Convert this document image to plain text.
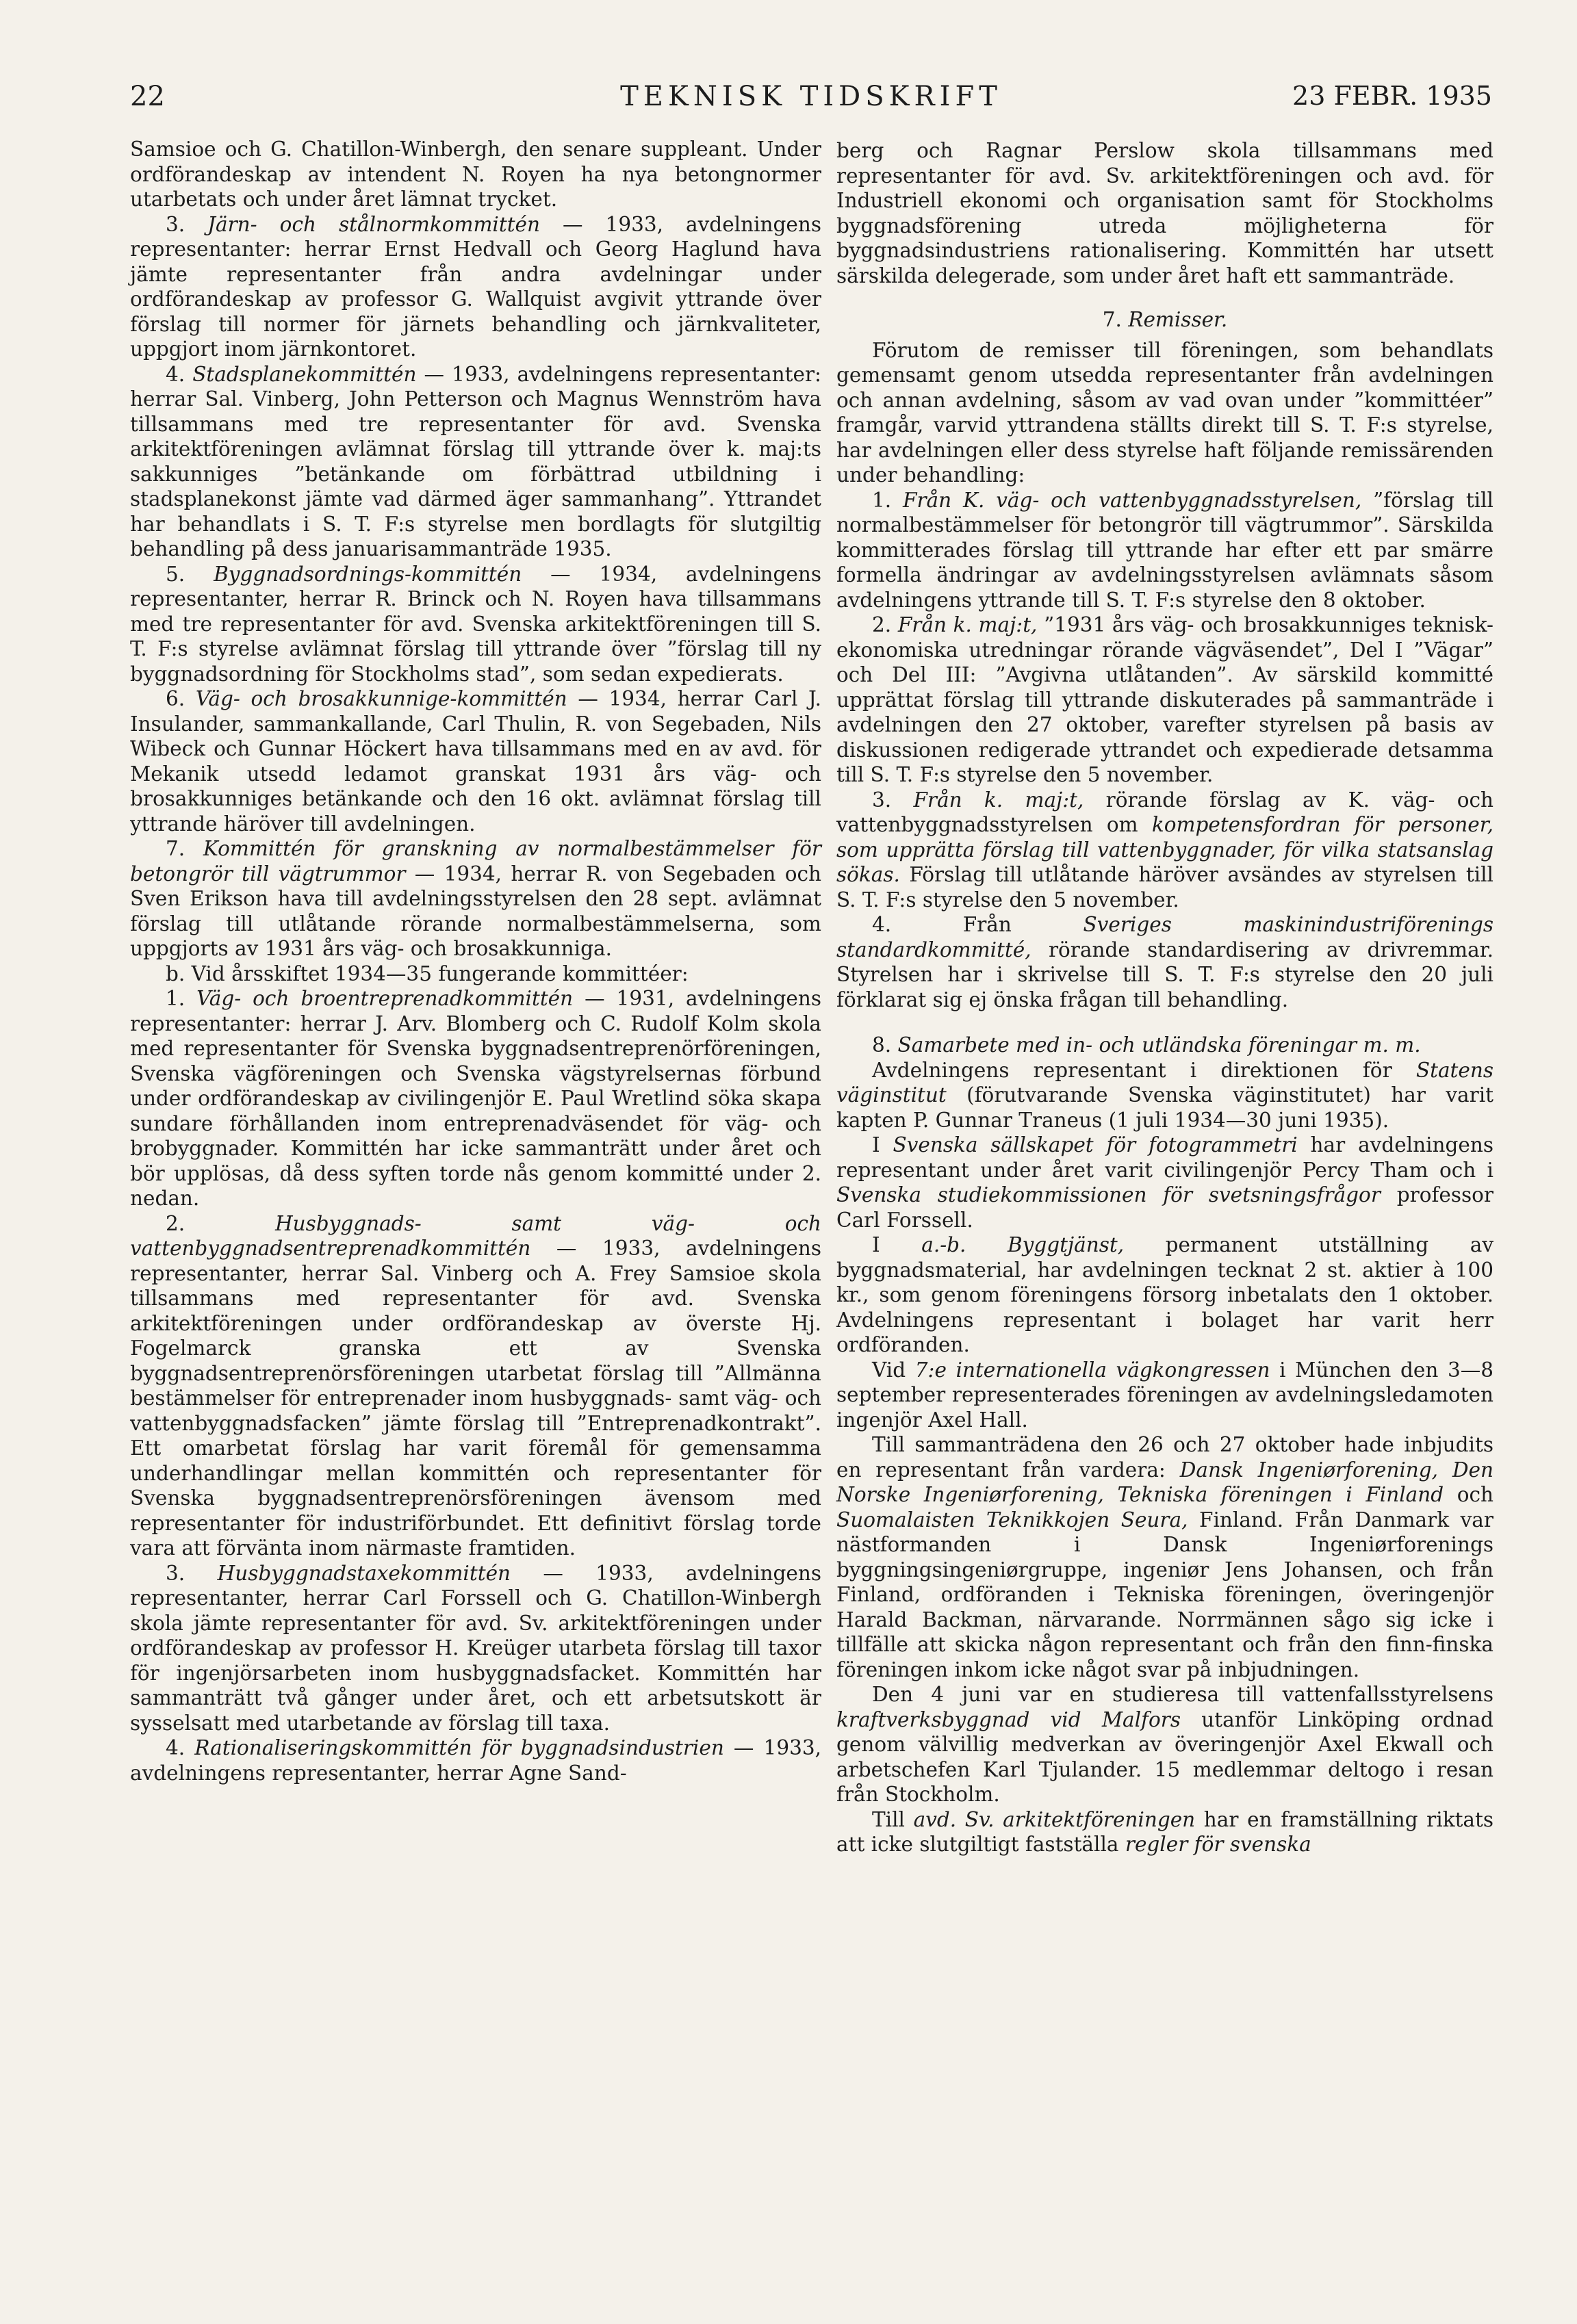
22	TEKNISK TIDSKRIFT	23 FEBR. 1935

Samsioe och G. Chatillon-Winbergh, den senare suppleant. Under ordförandeskap av intendent N. Royen ha nya betongnormer utarbetats och under året lämnat trycket.

3. Järn- och stålnormkommittén — 1933, avdelningens representanter: herrar Ernst Hedvall och Georg Haglund hava jämte representanter från andra avdelningar under ordförandeskap av professor G. Wallquist avgivit yttrande över förslag till normer för järnets behandling och järnkvaliteter, uppgjort inom järnkontoret.

4. Stadsplanekommittén — 1933, avdelningens representanter: herrar Sal. Vinberg, John Petterson och Magnus Wennström hava tillsammans med tre representanter för avd. Svenska arkitektföreningen avlämnat förslag till yttrande över k. maj:ts sakkunniges ”betänkande om förbättrad utbildning i stadsplanekonst jämte vad därmed äger sammanhang”. Yttrandet har behandlats i S. T. F:s styrelse men bordlagts för slutgiltig behandling på dess januarisammanträde 1935.

5. Byggnadsordnings-kommittén — 1934, avdelningens representanter, herrar R. Brinck och N. Royen hava tillsammans med tre representanter för avd. Svenska arkitektföreningen till S. T. F:s styrelse avlämnat förslag till yttrande över ”förslag till ny byggnadsordning för Stockholms stad”, som sedan expedierats.

6. Väg- och brosakkunnige-kommittén — 1934, herrar Carl J. Insulander, sammankallande, Carl Thulin, R. von Segebaden, Nils Wibeck och Gunnar Höckert hava tillsammans med en av avd. för Mekanik utsedd ledamot granskat 1931 års väg- och brosakkunniges betänkande och den 16 okt. avlämnat förslag till yttrande häröver till avdelningen.

7. Kommittén för granskning av normalbestämmelser för betongrör till vägtrummor — 1934, herrar R. von Segebaden och Sven Erikson hava till avdelningsstyrelsen den 28 sept. avlämnat förslag till utlåtande rörande normalbestämmelserna, som uppgjorts av 1931 års väg- och brosakkunniga.

b. Vid årsskiftet 1934—35 fungerande kommittéer:

1. Väg- och broentreprenadkommittén — 1931, avdelningens representanter: herrar J. Arv. Blomberg och C. Rudolf Kolm skola med representanter för Svenska byggnadsentreprenörföreningen, Svenska vägföreningen och Svenska vägstyrelsernas förbund under ordförandeskap av civilingenjör E. Paul Wretlind söka skapa sundare förhållanden inom entreprenadväsendet för väg- och brobyggnader. Kommittén har icke sammanträtt under året och bör upplösas, då dess syften torde nås genom kommitté under 2. nedan.

2. Husbyggnads- samt väg- och vattenbyggnadsentreprenadkommittén — 1933, avdelningens representanter, herrar Sal. Vinberg och A. Frey Samsioe skola tillsammans med representanter för avd. Svenska arkitektföreningen under ordförandeskap av överste Hj. Fogelmarck granska ett av Svenska byggnadsentreprenörsföreningen utarbetat förslag till ”Allmänna bestämmelser för entreprenader inom husbyggnads- samt väg- och vattenbyggnadsfacken” jämte förslag till ”Entreprenadkontrakt”. Ett omarbetat förslag har varit föremål för gemensamma underhandlingar mellan kommittén och representanter för Svenska byggnadsentreprenörsföreningen ävensom med representanter för industriförbundet. Ett definitivt förslag torde vara att förvänta inom närmaste framtiden.

3. Husbyggnadstaxekommittén — 1933, avdelningens representanter, herrar Carl Forssell och G. Chatillon-Winbergh skola jämte representanter för avd. Sv. arkitektföreningen under ordförandeskap av professor H. Kreüger utarbeta förslag till taxor för ingenjörsarbeten inom husbyggnadsfacket. Kommittén har sammanträtt två gånger under året, och ett arbetsutskott är sysselsatt med utarbetande av förslag till taxa.

4. Rationaliseringskommittén för byggnadsindustrien — 1933, avdelningens representanter, herrar Agne Sand-

berg och Ragnar Perslow skola tillsammans med representanter för avd. Sv. arkitektföreningen och avd. för Industriell ekonomi och organisation samt för Stockholms byggnadsförening utreda möjligheterna för byggnadsindustriens rationalisering. Kommittén har utsett särskilda delegerade, som under året haft ett sammanträde.

7. Remisser.

Förutom de remisser till föreningen, som behandlats gemensamt genom utsedda representanter från avdelningen och annan avdelning, såsom av vad ovan under ”kommittéer” framgår, varvid yttrandena ställts direkt till S. T. F:s styrelse, har avdelningen eller dess styrelse haft följande remissärenden under behandling:

1. Från K. väg- och vattenbyggnadsstyrelsen, ”förslag till normalbestämmelser för betongrör till vägtrummor”. Särskilda kommitterades förslag till yttrande har efter ett par smärre formella ändringar av avdelningsstyrelsen avlämnats såsom avdelningens yttrande till S. T. F:s styrelse den 8 oktober.

2. Från k. maj:t, ”1931 års väg- och brosakkunniges teknisk-ekonomiska utredningar rörande vägväsendet”, Del I ”Vägar” och Del III: ”Avgivna utlåtanden”. Av särskild kommitté upprättat förslag till yttrande diskuterades på sammanträde i avdelningen den 27 oktober, varefter styrelsen på basis av diskussionen redigerade yttrandet och expedierade detsamma till S. T. F:s styrelse den 5 november.

3. Från k. maj:t, rörande förslag av K. väg- och vattenbyggnadsstyrelsen om kompetensfordran för personer, som upprätta förslag till vattenbyggnader, för vilka statsanslag sökas. Förslag till utlåtande häröver avsändes av styrelsen till S. T. F:s styrelse den 5 november.

4. Från Sveriges maskinindustriförenings standardkommitté, rörande standardisering av drivremmar. Styrelsen har i skrivelse till S. T. F:s styrelse den 20 juli förklarat sig ej önska frågan till behandling.

8. Samarbete med in- och utländska föreningar m. m.

Avdelningens representant i direktionen för Statens väginstitut (förutvarande Svenska väginstitutet) har varit kapten P. Gunnar Traneus (1 juli 1934—30 juni 1935).

I Svenska sällskapet för fotogrammetri har avdelningens representant under året varit civilingenjör Percy Tham och i Svenska studiekommissionen för svetsningsfrågor professor Carl Forssell.

I a.-b. Byggtjänst, permanent utställning av byggnadsmaterial, har avdelningen tecknat 2 st. aktier à 100 kr., som genom föreningens försorg inbetalats den 1 oktober. Avdelningens representant i bolaget har varit herr ordföranden.

Vid 7:e internationella vägkongressen i München den 3—8 september representerades föreningen av avdelningsledamoten ingenjör Axel Hall.

Till sammanträdena den 26 och 27 oktober hade inbjudits en representant från vardera: Dansk Ingeniørforening, Den Norske Ingeniørforening, Tekniska föreningen i Finland och Suomalaisten Teknikkojen Seura, Finland. Från Danmark var nästformanden i Dansk Ingeniørforenings byggningsingeniørgruppe, ingeniør Jens Johansen, och från Finland, ordföranden i Tekniska föreningen, överingenjör Harald Backman, närvarande. Norrmännen sågo sig icke i tillfälle att skicka någon representant och från den finn-finska föreningen inkom icke något svar på inbjudningen.

Den 4 juni var en studieresa till vattenfallsstyrelsens kraftverksbyggnad vid Malfors utanför Linköping ordnad genom välvillig medverkan av överingenjör Axel Ekwall och arbetschefen Karl Tjulander. 15 medlemmar deltogo i resan från Stockholm.

Till avd. Sv. arkitektföreningen har en framställning riktats att icke slutgiltigt fastställa regler för svenska
